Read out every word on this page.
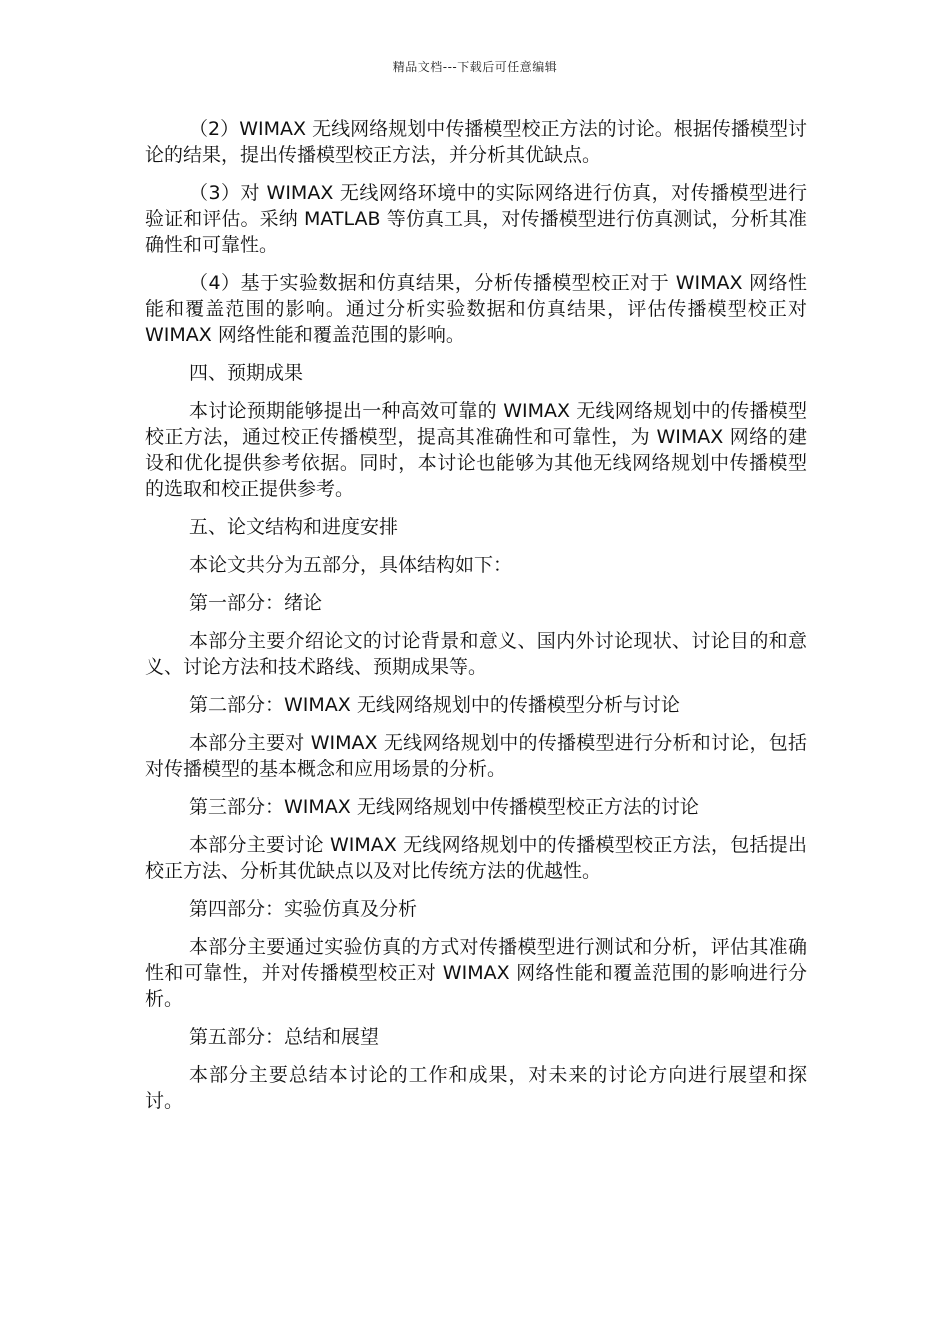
精品文档---下载后可任意编辑

（2）WIMAX 无线网络规划中传播模型校正方法的讨论。根据传播模型讨论的结果，提出传播模型校正方法，并分析其优缺点。

（3）对 WIMAX 无线网络环境中的实际网络进行仿真，对传播模型进行验证和评估。采纳 MATLAB 等仿真工具，对传播模型进行仿真测试，分析其准确性和可靠性。

（4）基于实验数据和仿真结果，分析传播模型校正对于 WIMAX 网络性能和覆盖范围的影响。通过分析实验数据和仿真结果，评估传播模型校正对 WIMAX 网络性能和覆盖范围的影响。

四、预期成果

本讨论预期能够提出一种高效可靠的 WIMAX 无线网络规划中的传播模型校正方法，通过校正传播模型，提高其准确性和可靠性，为 WIMAX 网络的建设和优化提供参考依据。同时，本讨论也能够为其他无线网络规划中传播模型的选取和校正提供参考。

五、论文结构和进度安排

本论文共分为五部分，具体结构如下：

第一部分：绪论

本部分主要介绍论文的讨论背景和意义、国内外讨论现状、讨论目的和意义、讨论方法和技术路线、预期成果等。

第二部分：WIMAX 无线网络规划中的传播模型分析与讨论

本部分主要对 WIMAX 无线网络规划中的传播模型进行分析和讨论，包括对传播模型的基本概念和应用场景的分析。

第三部分：WIMAX 无线网络规划中传播模型校正方法的讨论

本部分主要讨论 WIMAX 无线网络规划中的传播模型校正方法，包括提出校正方法、分析其优缺点以及对比传统方法的优越性。

第四部分：实验仿真及分析

本部分主要通过实验仿真的方式对传播模型进行测试和分析，评估其准确性和可靠性，并对传播模型校正对 WIMAX 网络性能和覆盖范围的影响进行分析。

第五部分：总结和展望

本部分主要总结本讨论的工作和成果，对未来的讨论方向进行展望和探讨。
